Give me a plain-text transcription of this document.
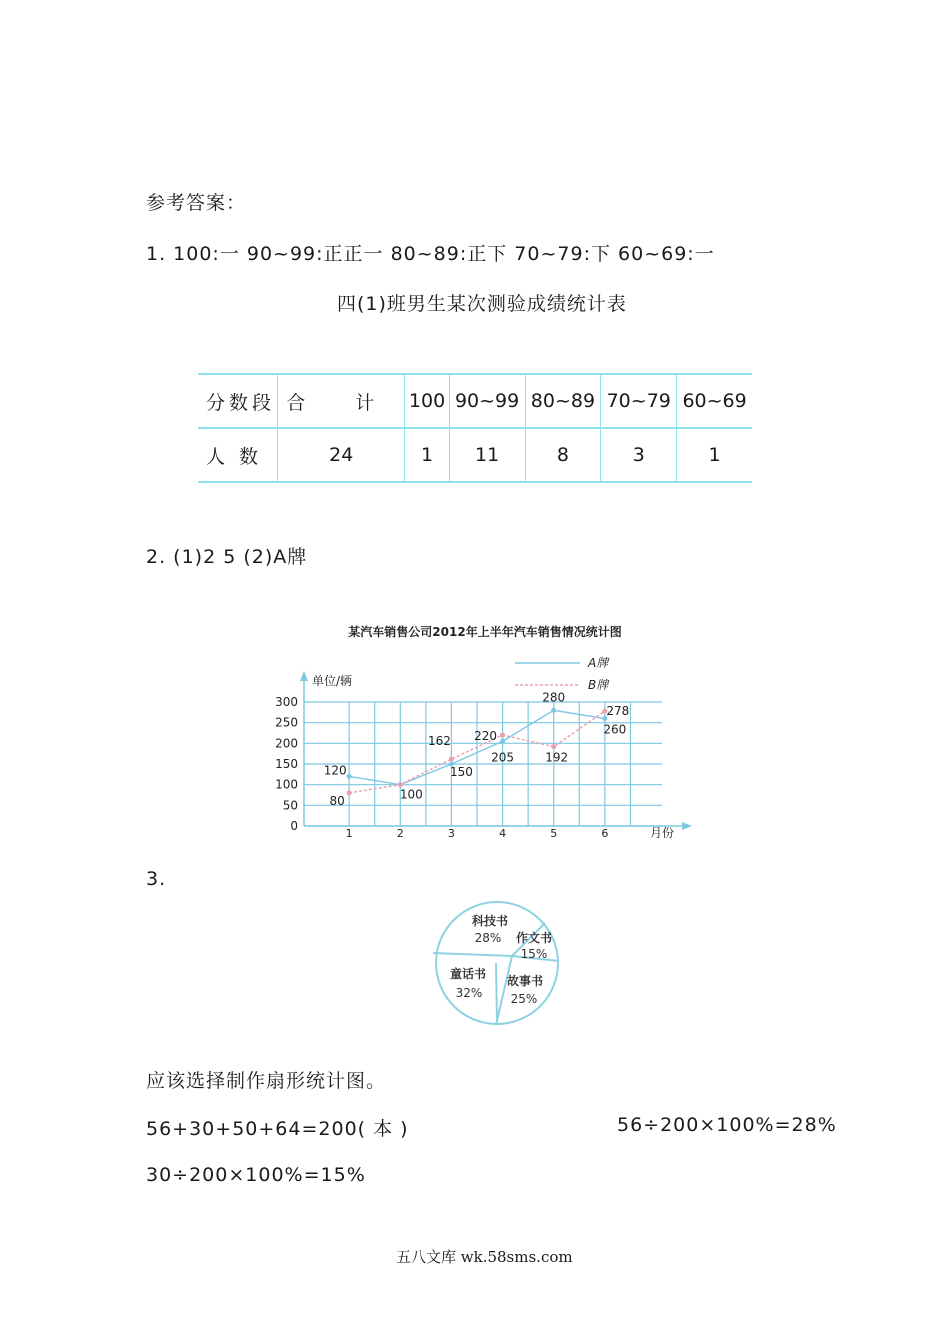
参考答案：
1. 100:一 90~99:正正一 80~89:正下 70~79:下 60~69:一
四(1)班男生某次测验成绩统计表
分数段	合 计	100	90~99	80~89	70~79	60~69
人 数	24	1	11	8	3	1
2. (1)2 5 (2)A牌
某汽车销售公司2012年上半年汽车销售情况统计图
单位/辆
月份
0
50
100
150
200
250
300
1	2	3	4	5	6
120
80	100
162
150
220
205
280
192
278
260
A牌
B牌
3.
科技书
28% 作文书
15%
故事书
25%
童话书
32%
应该选择制作扇形统计图。
56+30+50+64=200( 本 )	56÷200×100%=28%
30÷200×100%=15%
五八文库 wk.58sms.com
